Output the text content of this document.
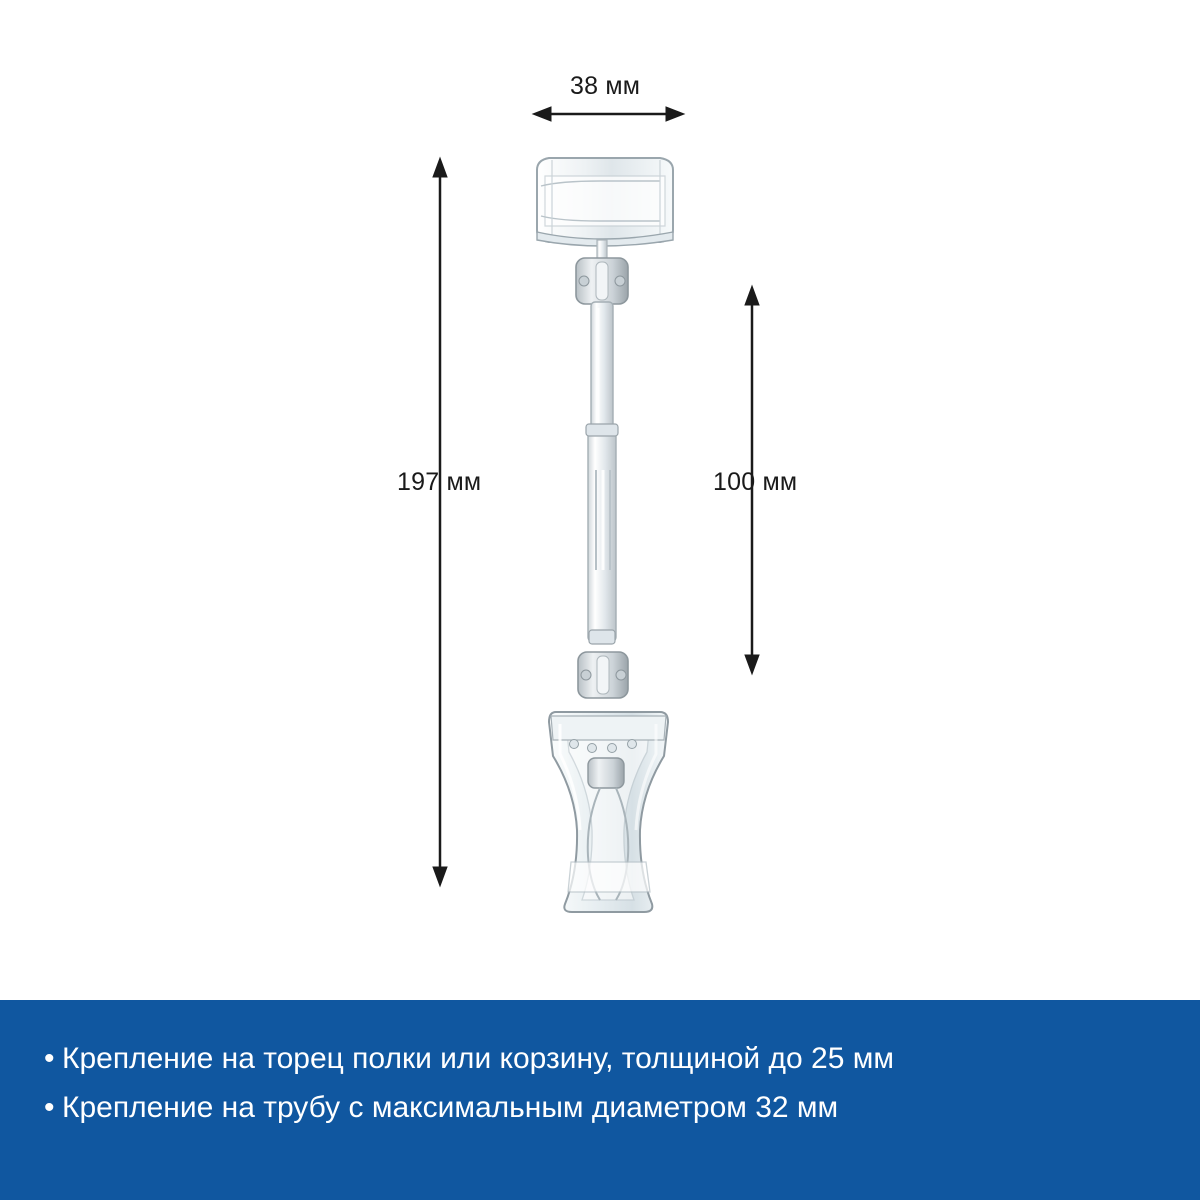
38 мм
197 мм	100 мм
• Крепление на торец полки или корзину, толщиной до 25 мм
• Крепление на трубу с максимальным диаметром 32 мм
